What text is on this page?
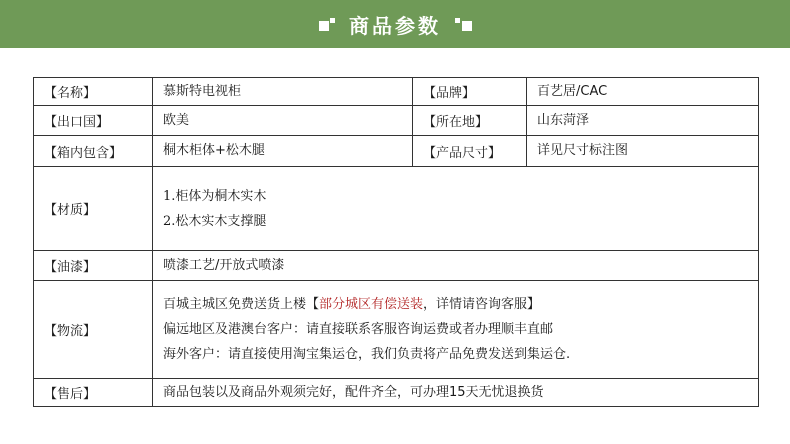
商品参数
【名称】	慕斯特电视柜	【品牌】	百艺居/CAC
【出口国】	欧美	【所在地】	山东菏泽
【箱内包含】	桐木柜体+松木腿	【产品尺寸】	详见尺寸标注图
【材质】	1.柜体为桐木实木
2.松木实木支撑腿		

【油漆】	喷漆工艺/开放式喷漆		
【物流】	百城主城区免费送货上楼【部分城区有偿送装，详情请咨询客服】
偏远地区及港澳台客户：请直接联系客服咨询运费或者办理顺丰直邮
海外客户：请直接使用淘宝集运仓，我们负责将产品免费发送到集运仓.		

【售后】	商品包装以及商品外观须完好，配件齐全，可办理15天无忧退换货		
